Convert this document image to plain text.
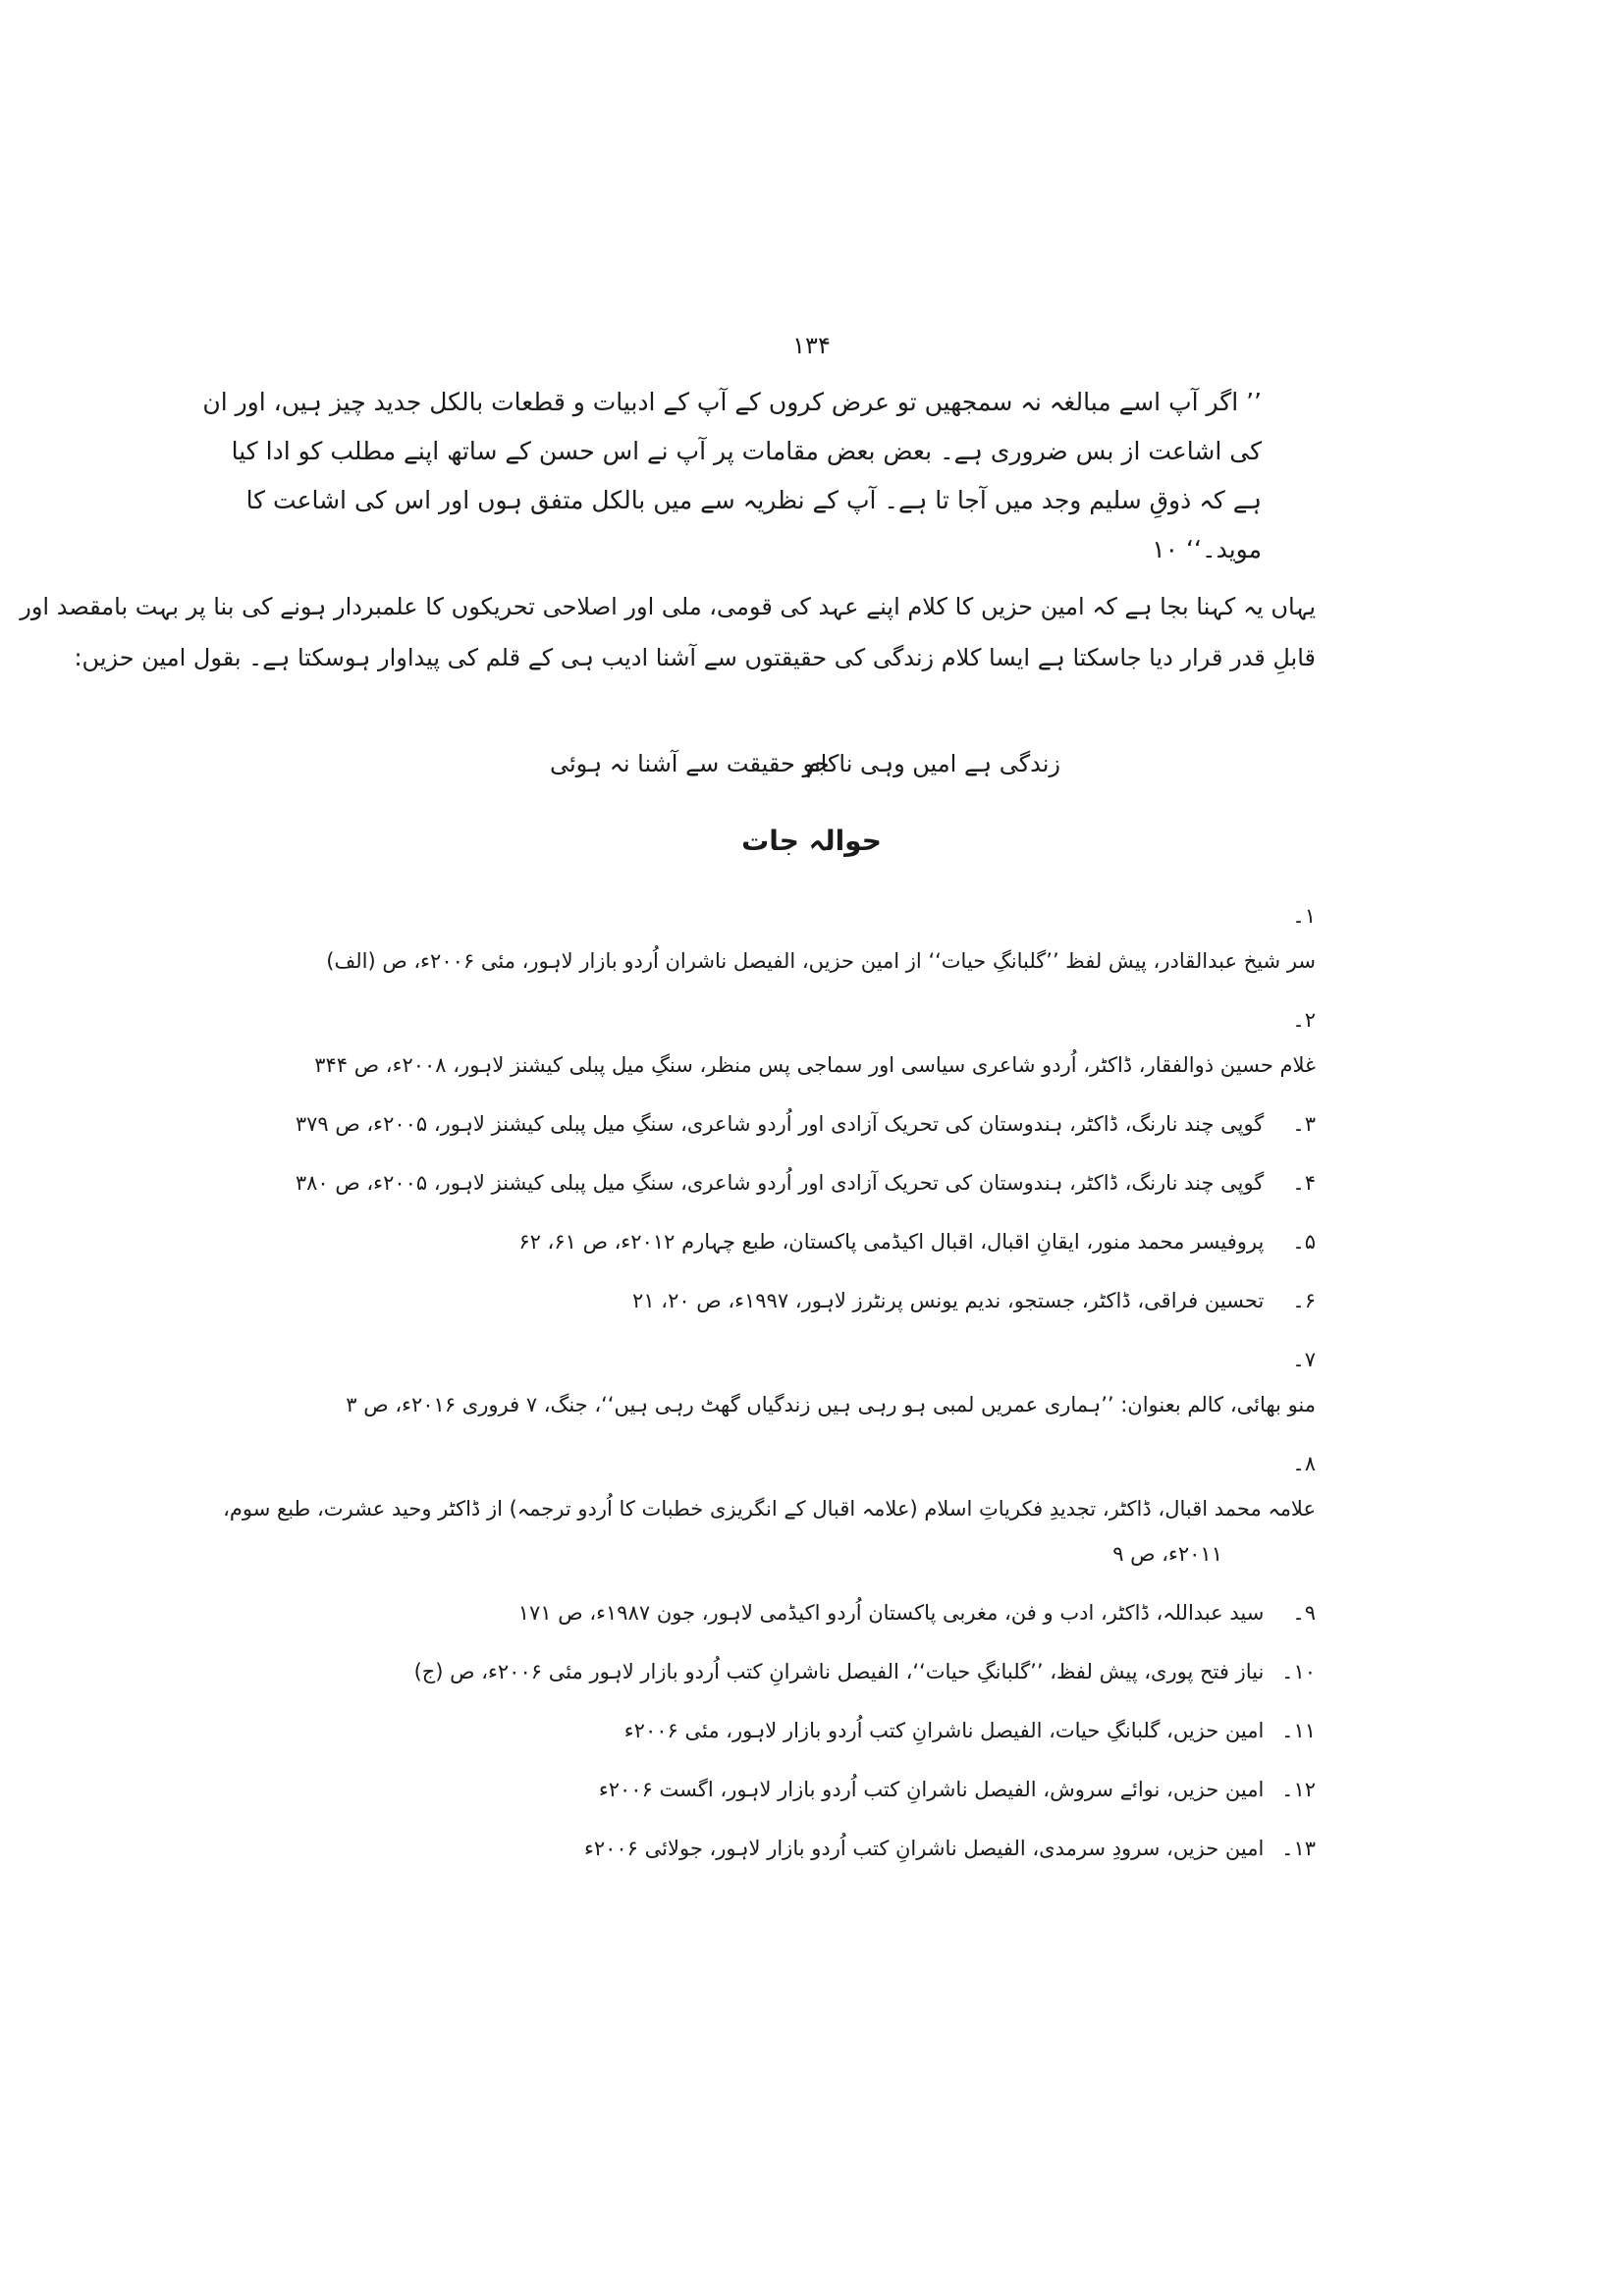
۱۳۴
’’ اگر آپ اسے مبالغہ نہ سمجھیں تو عرض کروں کے آپ کے ادبیات و قطعات بالکل جدید چیز ہیں، اور ان
کی اشاعت از بس ضروری ہے۔ بعض بعض مقامات پر آپ نے اس حسن کے ساتھ اپنے مطلب کو ادا کیا
ہے کہ ذوقِ سلیم وجد میں آجا تا ہے۔ آپ کے نظریہ سے میں بالکل متفق ہوں اور اس کی اشاعت کا
موید۔‘‘ ۱۰
یہاں یہ کہنا بجا ہے کہ امین حزیں کا کلام اپنے عہد کی قومی، ملی اور اصلاحی تحریکوں کا علمبردار ہونے کی بنا پر بہت بامقصد اور
قابلِ قدر قرار دیا جاسکتا ہے ایسا کلام زندگی کی حقیقتوں سے آشنا ادیب ہی کے قلم کی پیداوار ہوسکتا ہے۔ بقول امین حزیں:
زندگی ہے امیں وہی ناکام
جو حقیقت سے آشنا نہ ہوئی
حوالہ جات
۱۔ سر شیخ عبدالقادر، پیش لفظ ’’گلبانگِ حیات‘‘ از امین حزیں، الفیصل ناشران اُردو بازار لاہور، مئی ۲۰۰۶ء، ص (الف)
۲۔ غلام حسین ذوالفقار، ڈاکٹر، اُردو شاعری سیاسی اور سماجی پس منظر، سنگِ میل پبلی کیشنز لاہور، ۲۰۰۸ء، ص ۳۴۴
۳۔ گوپی چند نارنگ، ڈاکٹر، ہندوستان کی تحریک آزادی اور اُردو شاعری، سنگِ میل پبلی کیشنز لاہور، ۲۰۰۵ء، ص ۳۷۹
۴۔ گوپی چند نارنگ، ڈاکٹر، ہندوستان کی تحریک آزادی اور اُردو شاعری، سنگِ میل پبلی کیشنز لاہور، ۲۰۰۵ء، ص ۳۸۰
۵۔ پروفیسر محمد منور، ایقانِ اقبال، اقبال اکیڈمی پاکستان، طبع چہارم ۲۰۱۲ء، ص ۶۱، ۶۲
۶۔ تحسین فراقی، ڈاکٹر، جستجو، ندیم یونس پرنٹرز لاہور، ۱۹۹۷ء، ص ۲۰، ۲۱
۷۔ منو بھائی، کالم بعنوان: ’’ہماری عمریں لمبی ہو رہی ہیں زندگیاں گھٹ رہی ہیں‘‘، جنگ، ۷ فروری ۲۰۱۶ء، ص ۳
۸۔ علامہ محمد اقبال، ڈاکٹر، تجدیدِ فکریاتِ اسلام (علامہ اقبال کے انگریزی خطبات کا اُردو ترجمہ) از ڈاکٹر وحید عشرت، طبع سوم،
۲۰۱۱ء، ص ۹
۹۔ سید عبداللہ، ڈاکٹر، ادب و فن، مغربی پاکستان اُردو اکیڈمی لاہور، جون ۱۹۸۷ء، ص ۱۷۱
۱۰۔ نیاز فتح پوری، پیش لفظ، ’’گلبانگِ حیات‘‘، الفیصل ناشرانِ کتب اُردو بازار لاہور مئی ۲۰۰۶ء، ص (ج)
۱۱۔ امین حزیں، گلبانگِ حیات، الفیصل ناشرانِ کتب اُردو بازار لاہور، مئی ۲۰۰۶ء
۱۲۔ امین حزیں، نوائے سروش، الفیصل ناشرانِ کتب اُردو بازار لاہور، اگست ۲۰۰۶ء
۱۳۔ امین حزیں، سرودِ سرمدی، الفیصل ناشرانِ کتب اُردو بازار لاہور، جولائی ۲۰۰۶ء
